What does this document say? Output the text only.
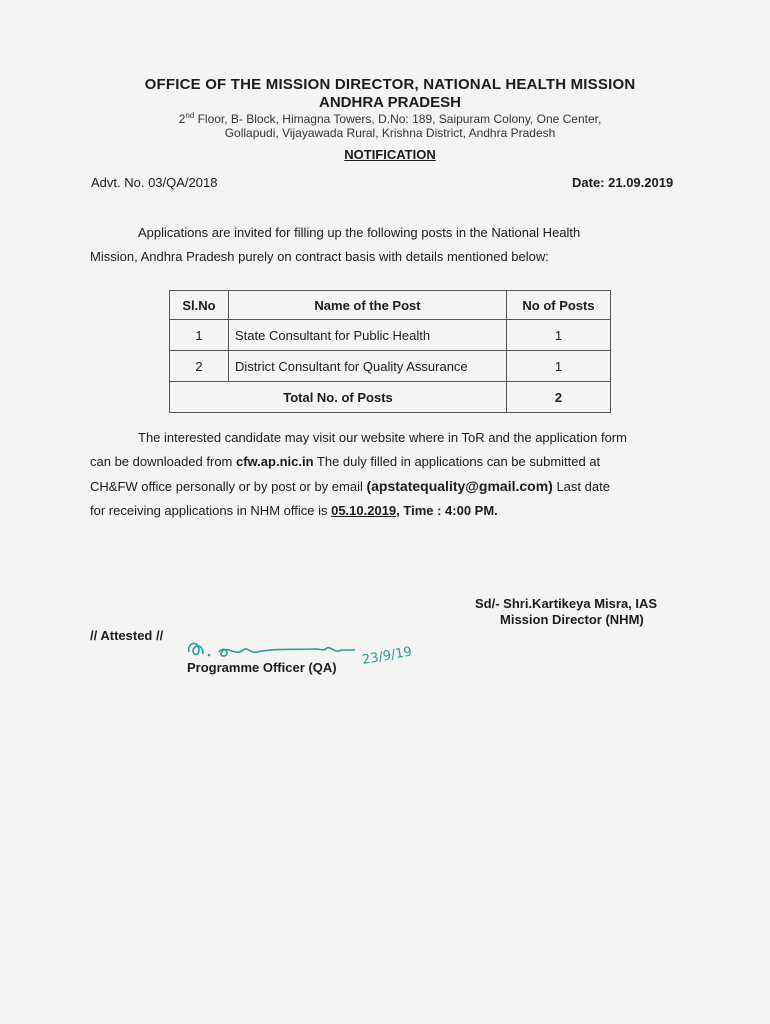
OFFICE OF THE MISSION DIRECTOR, NATIONAL HEALTH MISSION
ANDHRA PRADESH
2nd Floor, B- Block, Himagna Towers, D.No: 189, Saipuram Colony, One Center,
Gollapudi, Vijayawada Rural, Krishna District, Andhra Pradesh
NOTIFICATION
Advt. No. 03/QA/2018	Date: 21.09.2019
Applications are invited for filling up the following posts in the National Health
Mission, Andhra Pradesh purely on contract basis with details mentioned below:
Sl.No	Name of the Post	No of Posts
1	State Consultant for Public Health	1
2	District Consultant for Quality Assurance	1
Total No. of Posts		2
The interested candidate may visit our website where in ToR and the application form
can be downloaded from cfw.ap.nic.in The duly filled in applications can be submitted at
CH&FW office personally or by post or by email (apstatequality@gmail.com) Last date
for receiving applications in NHM office is 05.10.2019, Time : 4:00 PM.
Sd/- Shri.Kartikeya Misra, IAS
Mission Director (NHM)
// Attested //
23/9/19
Programme Officer (QA)
